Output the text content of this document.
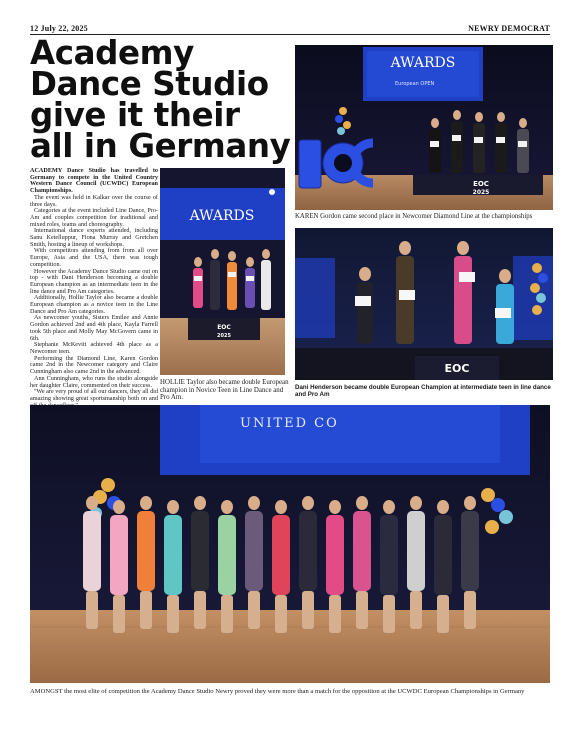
12 July 22, 2025	NEWRY DEMOCRAT
Academy Dance Studio give it their all in Germany

ACADEMY Dance Studio has travelled to Germany to compete in the United Country Western Dance Council (UCWDC) European Championships.

The event was held in Kalkar over the course of three days.

Categories at the event included Line Dance, Pro-Am and couples competition for traditional and mixed roles, teams and choreography.

International dance experts attended, including Sanu Ketelluppur, Fiona Murray and Gretchen Smith, hosting a lineup of workshops.

With competitors attending from from all over Europe, Asia and the USA, there was tough competition.

However the Academy Dance Studio came out on top - with Dani Henderson becoming a double European champion as an intermediate teen in the line dance and Pro Am categories.

Additionally, Hollie Taylor also became a double European champion as a novice teen in the Line Dance and Pro Am categories.

As newcomer youths, Sisters Emilee and Annie Gordon achieved 2nd and 4th place, Kayla Farrell took 5th place and Molly May McGovern came in 6th.

Stephanie McKevitt achieved 4th place as a Newcomer teen.

Performing the Diamond Line, Karen Gordon came 2nd in the Newcomer category and Claire Cunningham also came 2nd in the advanced.

Ann Cunningham, who runs the studio alongside her daughter Claire, commented on their success.

"We are very proud of all our dancers, they all did amazing showing great sportsmanship both on and

AWARDS
European OPEN
EOC
2025
KAREN Gordon came second place in Newcomer Diamond Line at the championships
AWARDS
EOC
2025
HOLLIE Taylor also became double European champion in Novice Teen in Line Dance and Pro Am.
EOC
Dani Henderson became double European Champion at intermediate teen in line dance and Pro Am
UNITED CO
AMONGST the most elite of competition the Academy Dance Studio Newry proved they were more than a match for the opposition at the UCWDC European Championships in Germany
